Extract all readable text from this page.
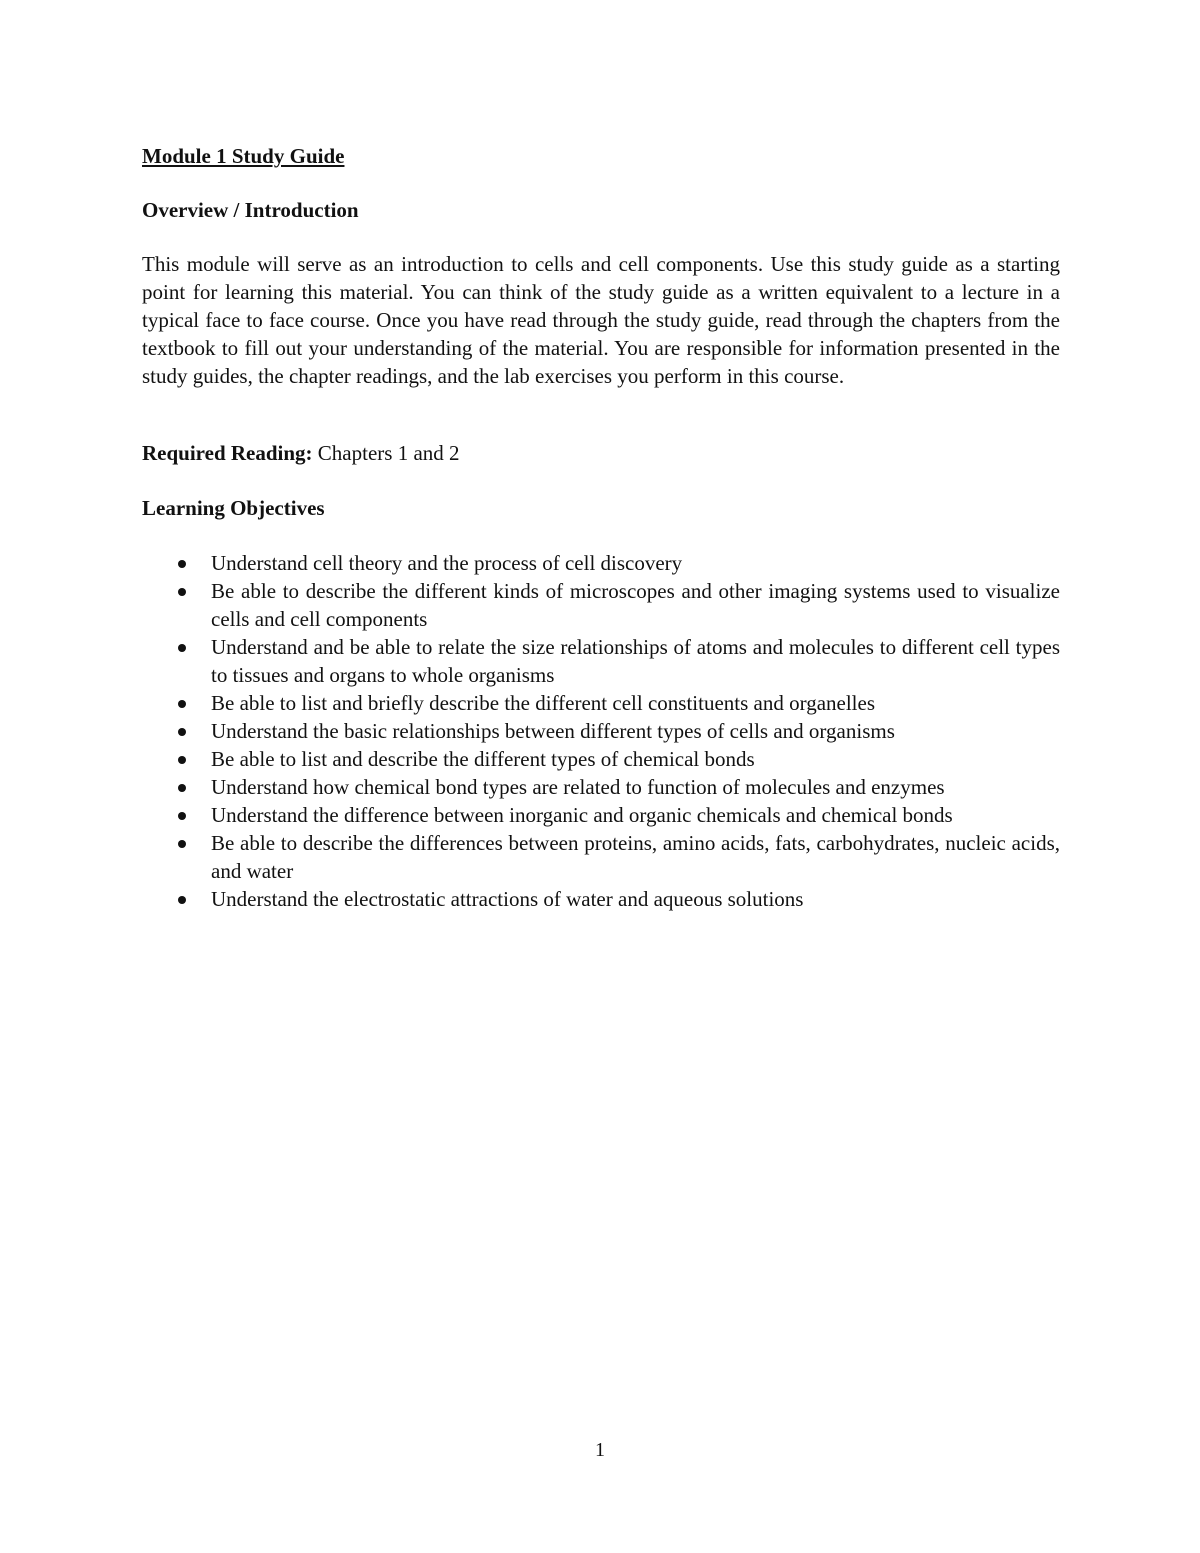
Module 1 Study Guide
Overview / Introduction

This module will serve as an introduction to cells and cell components. Use this study guide as a starting point for learning this material. You can think of the study guide as a written equivalent to a lecture in a typical face to face course. Once you have read through the study guide, read through the chapters from the textbook to fill out your understanding of the material. You are responsible for information presented in the study guides, the chapter readings, and the lab exercises you perform in this course.

Required Reading: Chapters 1 and 2

Learning Objectives
Understand cell theory and the process of cell discovery
Be able to describe the different kinds of microscopes and other imaging systems used to visualize cells and cell components
Understand and be able to relate the size relationships of atoms and molecules to different cell types to tissues and organs to whole organisms
Be able to list and briefly describe the different cell constituents and organelles
Understand the basic relationships between different types of cells and organisms
Be able to list and describe the different types of chemical bonds
Understand how chemical bond types are related to function of molecules and enzymes
Understand the difference between inorganic and organic chemicals and chemical bonds
Be able to describe the differences between proteins, amino acids, fats, carbohydrates, nucleic acids, and water
Understand the electrostatic attractions of water and aqueous solutions

1
